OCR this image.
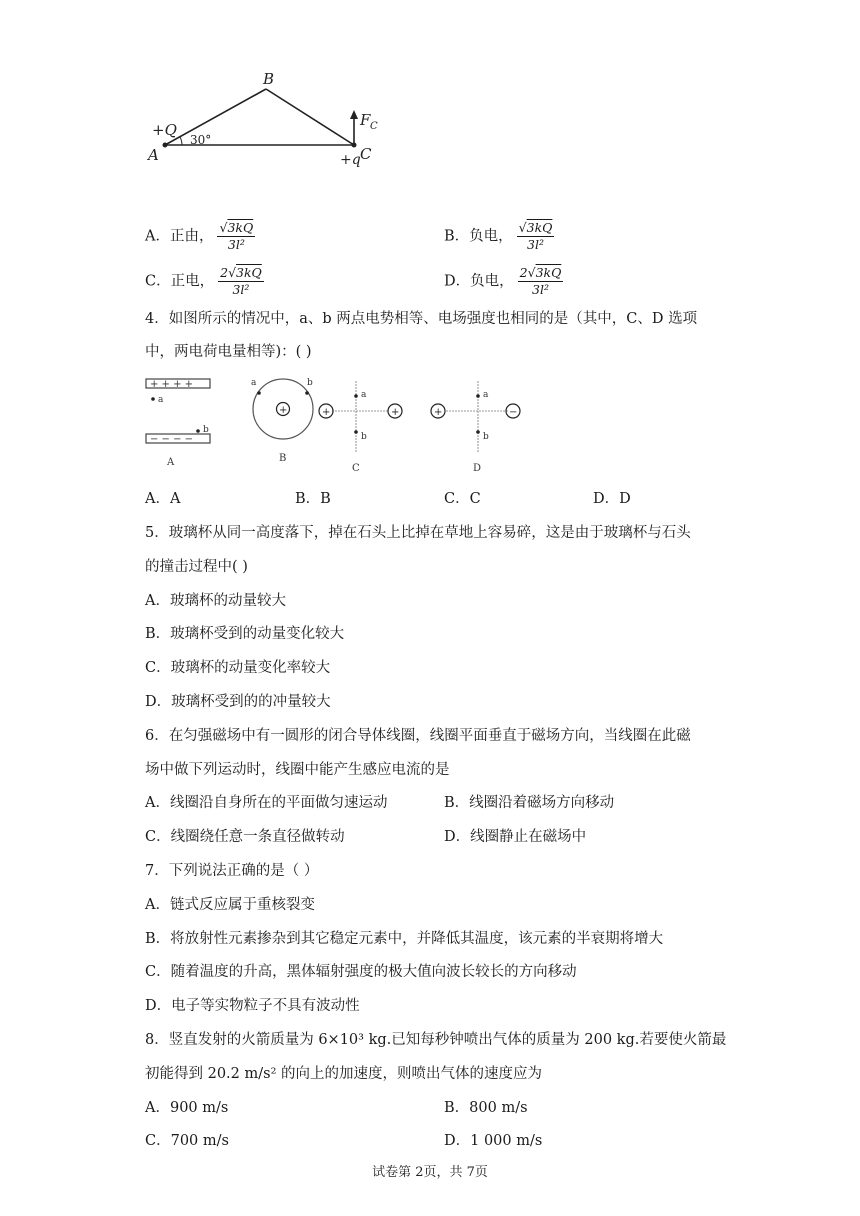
B
+Q
A
30°
C
+q
F C
A．正由， $\frac{√3kQ}{\text{3l²}}$	B．负电， $\frac{√3kQ}{\text{3l²}}$
C．正电， $\frac{2√3kQ}{\text{3l²}}$	D．负电， $\frac{2√3kQ}{\text{3l²}}$
4．如图所示的情况中，a、b 两点电势相等、电场强度也相同的是（其中，C、D 选项
中，两电荷电量相等)：( )
+ + + +
a
b
− − − −
A
+
a	b
B
+	+
a
b
C
+	−
a
b
D
A．A	B．B	C．C	D．D
5．玻璃杯从同一高度落下，掉在石头上比掉在草地上容易碎，这是由于玻璃杯与石头
的撞击过程中( )
A．玻璃杯的动量较大
B．玻璃杯受到的动量变化较大
C．玻璃杯的动量变化率较大
D．玻璃杯受到的的冲量较大
6．在匀强磁场中有一圆形的闭合导体线圈，线圈平面垂直于磁场方向，当线圈在此磁
场中做下列运动时，线圈中能产生感应电流的是
A．线圈沿自身所在的平面做匀速运动	B．线圈沿着磁场方向移动
C．线圈绕任意一条直径做转动	D．线圈静止在磁场中
7．下列说法正确的是（ ）
A．链式反应属于重核裂变
B．将放射性元素掺杂到其它稳定元素中，并降低其温度，该元素的半衰期将增大
C．随着温度的升高，黑体辐射强度的极大值向波长较长的方向移动
D．电子等实物粒子不具有波动性
8．竖直发射的火箭质量为 6×10³ kg.已知每秒钟喷出气体的质量为 200 kg.若要使火箭最
初能得到 20.2 m/s² 的向上的加速度，则喷出气体的速度应为
A．900 m/s	B．800 m/s
C．700 m/s	D．1 000 m/s
试卷第 2页，共 7页
